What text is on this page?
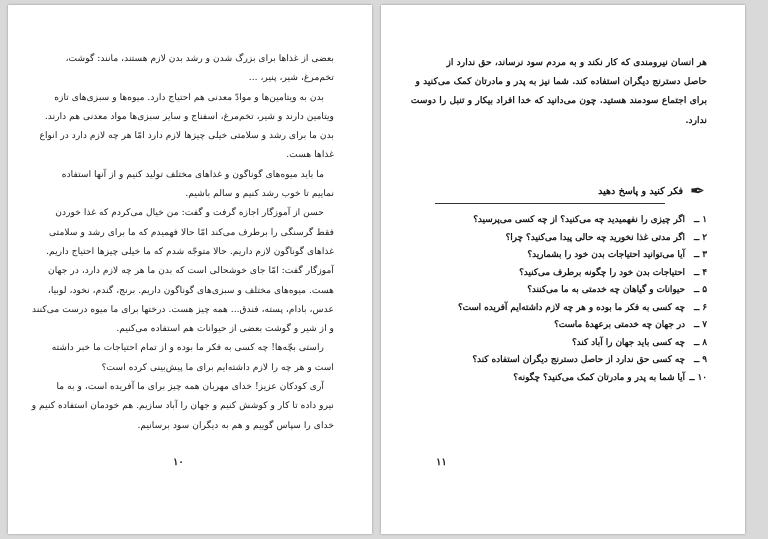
بعضی از غذاها برای بزرگ شدن و رشد بدن لازم هستند، مانند: گوشت،
تخم‌مرغ، شیر، پنیر، ...
بدن به ویتامین‌ها و موادّ معدنی هم احتیاج دارد. میوه‌ها و سبزی‌های تازه
ویتامین دارند و شیر، تخم‌مرغ، اسفناج و سایر سبزی‌ها مواد معدنی هم دارند.
بدن ما برای رشد و سلامتی خیلی چیزها لازم دارد امّا هر چه لازم دارد در انواع
غذاها هست.
ما باید میوه‌های گوناگون و غذاهای مختلف تولید کنیم و از آنها استفاده
نماییم تا خوب رشد کنیم و سالم باشیم.
حسن از آموزگار اجازه گرفت و گفت: من خیال می‌کردم که غذا خوردن
فقط گرسنگی را برطرف می‌کند امّا حالا فهمیدم که ما برای رشد و سلامتی
غذاهای گوناگون لازم داریم. حالا متوجّه شدم که ما خیلی چیزها احتیاج داریم.
آموزگار گفت: امّا جای خوشحالی است که بدن ما هر چه لازم دارد، در جهان
هست. میوه‌های مختلف و سبزی‌های گوناگون داریم. برنج، گندم، نخود، لوبیا،
عدس، بادام، پسته، فندق... همه چیز هست. درختها برای ما میوه درست می‌کنند
و از شیر و گوشت بعضی از حیوانات هم استفاده می‌کنیم.
راستی بچّه‌ها! چه کسی به فکر ما بوده و از تمام احتیاجات ما خبر داشته
است و هر چه را لازم داشته‌ایم برای ما پیش‌بینی کرده است؟
آری کودکان عزیز! خدای مهربان همه چیز برای ما آفریده است، و به ما
نیرو داده تا کار و کوشش کنیم و جهان را آباد سازیم. هم خودمان استفاده کنیم و
خدای را سپاس گوییم و هم به دیگران سود برسانیم.
۱۰
هر انسان نیرومندی که کار نکند و به مردم سود نرساند، حق ندارد از
حاصل دسترنج دیگران استفاده کند. شما نیز به پدر و مادرتان کمک می‌کنید و
برای اجتماع سودمند هستید. چون می‌دانید که خدا افراد بیکار و تنبل را دوست
ندارد.
✒
فکر کنید و پاسخ دهید
۱ ــاگر چیزی را نفهمیدید چه می‌کنید؟ از چه کسی می‌پرسید؟
۲ ــاگر مدتی غذا نخورید چه حالی پیدا می‌کنید؟ چرا؟
۳ ــآیا می‌توانید احتیاجات بدن خود را بشمارید؟
۴ ــاحتیاجات بدن خود را چگونه برطرف می‌کنید؟
۵ ــحیوانات و گیاهان چه خدمتی به ما می‌کنند؟
۶ ــچه کسی به فکر ما بوده و هر چه لازم داشته‌ایم آفریده است؟
۷ ــدر جهان چه خدمتی برعهدهٔ ماست؟
۸ ــچه کسی باید جهان را آباد کند؟
۹ ــچه کسی حق ندارد از حاصل دسترنج دیگران استفاده کند؟
۱۰ ــآیا شما به پدر و مادرتان کمک می‌کنید؟ چگونه؟
۱۱
